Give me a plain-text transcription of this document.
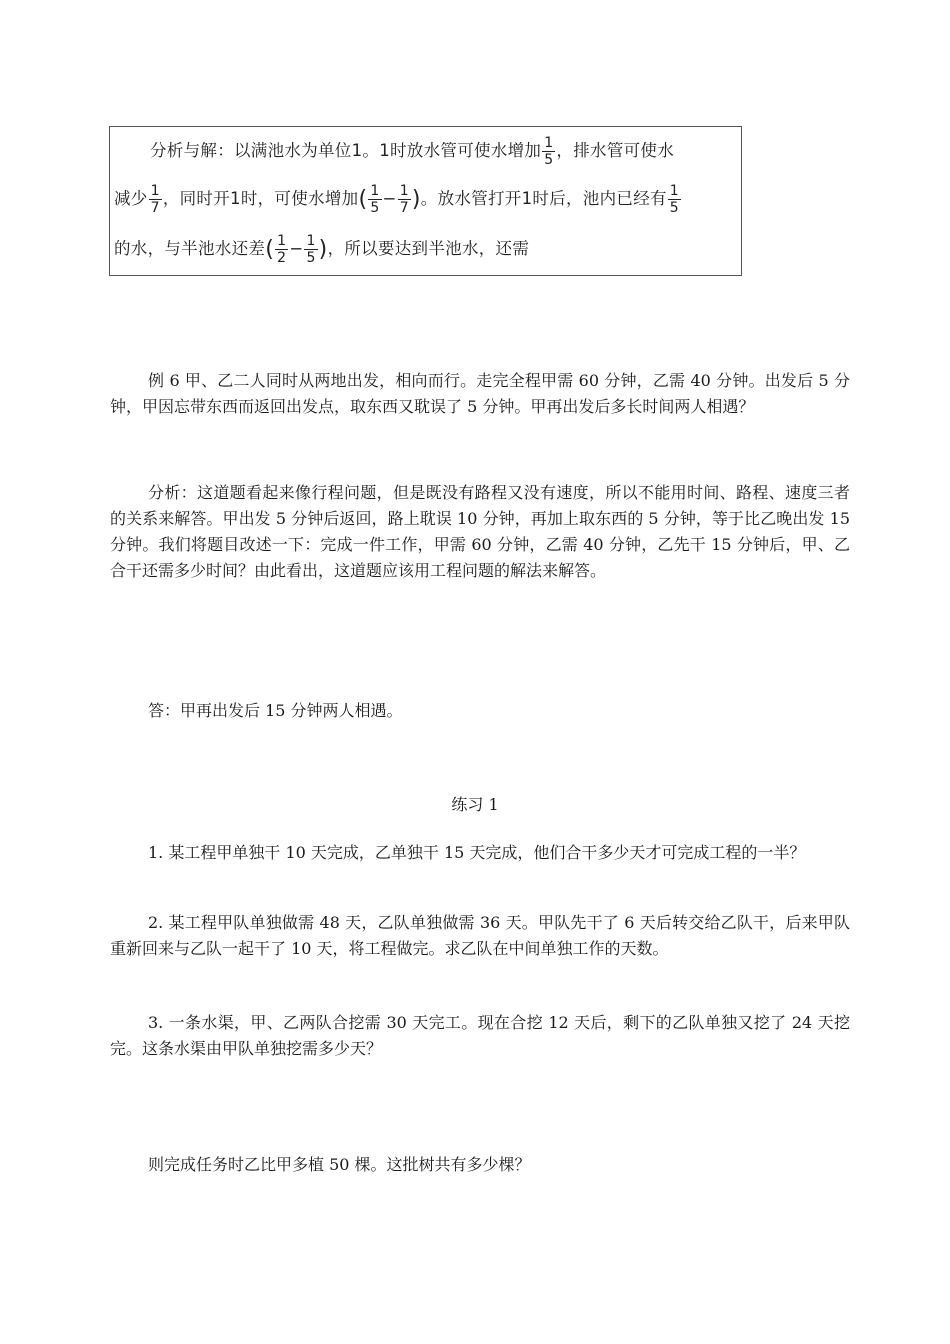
分析与解：以满池水为单位1。1时放水管可使水增加 $\frac{1}{5}$ ，排水管可使水
减少 $\frac{1}{7}$ ，同时开1时，可使水增加( $\frac{1}{5} - \frac{1}{7}$ )。放水管打开1时后，池内已经有 $\frac{1}{5}$
的水，与半池水还差( $\frac{1}{2} - \frac{1}{5}$ )，所以要达到半池水，还需

例 6 甲、乙二人同时从两地出发，相向而行。走完全程甲需 60 分钟，乙需 40 分钟。出发后 5 分钟，甲因忘带东西而返回出发点，取东西又耽误了 5 分钟。甲再出发后多长时间两人相遇？

分析：这道题看起来像行程问题，但是既没有路程又没有速度，所以不能用时间、路程、速度三者的关系来解答。甲出发 5 分钟后返回，路上耽误 10 分钟，再加上取东西的 5 分钟，等于比乙晚出发 15 分钟。我们将题目改述一下：完成一件工作，甲需 60 分钟，乙需 40 分钟，乙先干 15 分钟后，甲、乙合干还需多少时间？由此看出，这道题应该用工程问题的解法来解答。

答：甲再出发后 15 分钟两人相遇。

练习 1

1. 某工程甲单独干 10 天完成，乙单独干 15 天完成，他们合干多少天才可完成工程的一半？

2. 某工程甲队单独做需 48 天，乙队单独做需 36 天。甲队先干了 6 天后转交给乙队干，后来甲队重新回来与乙队一起干了 10 天，将工程做完。求乙队在中间单独工作的天数。

3. 一条水渠，甲、乙两队合挖需 30 天完工。现在合挖 12 天后，剩下的乙队单独又挖了 24 天挖完。这条水渠由甲队单独挖需多少天？

则完成任务时乙比甲多植 50 棵。这批树共有多少棵？
